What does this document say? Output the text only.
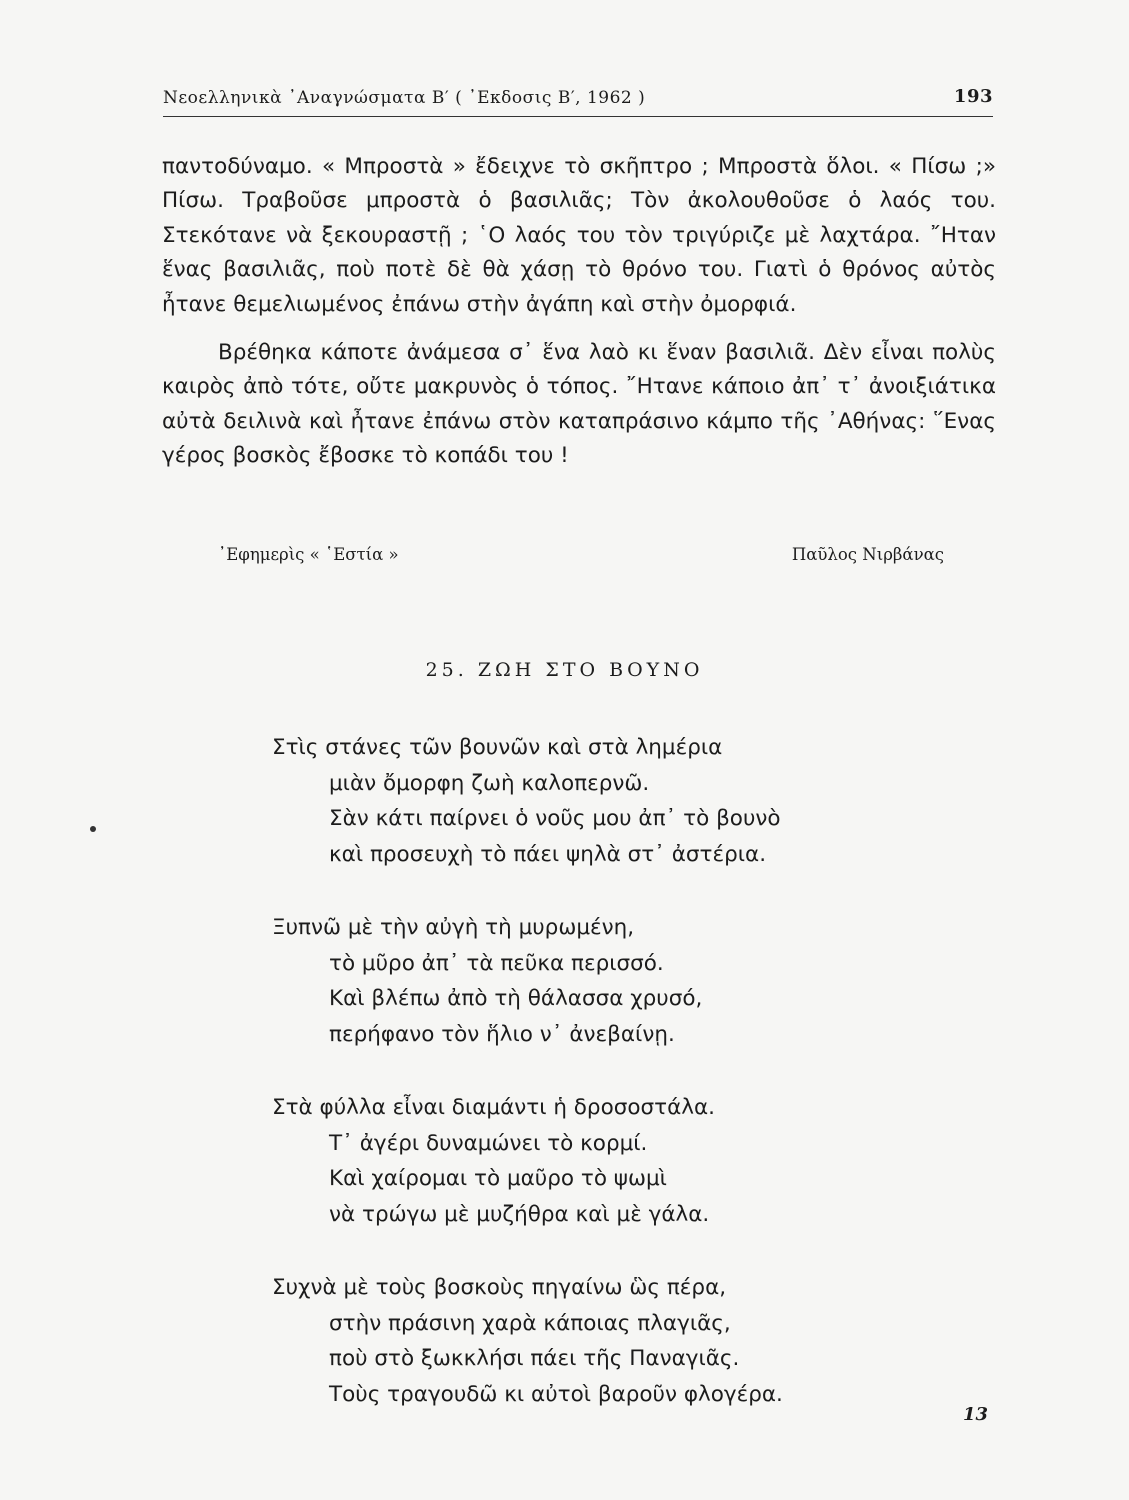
Νεοελληνικὰ ᾿Αναγνώσματα Β′ ( ᾿Εκδοσις Β′, 1962 )	193

παντοδύναμο. « Μπροστὰ » ἔδειχνε τὸ σκῆπτρο ; Μπροστὰ ὅλοι. « Πίσω ;» Πίσω. Τραβοῦσε μπροστὰ ὁ βασιλιᾶς; Τὸν ἀκολουθοῦσε ὁ λαός του. Στεκότανε νὰ ξεκουραστῇ ; ῾Ο λαός του τὸν τριγύριζε μὲ λαχτάρα. ῎Ηταν ἕνας βασιλιᾶς, ποὺ ποτὲ δὲ θὰ χάσῃ τὸ θρόνο του. Γιατὶ ὁ θρόνος αὐτὸς ἦτανε θεμελιωμένος ἐπάνω στὴν ἀγάπη καὶ στὴν ὀμορφιά.

Βρέθηκα κάποτε ἀνάμεσα σ᾿ ἕνα λαὸ κι ἕναν βασιλιᾶ. Δὲν εἶναι πολὺς καιρὸς ἀπὸ τότε, οὔτε μακρυνὸς ὁ τόπος. ῎Ητανε κάποιο ἀπ᾿ τ᾿ ἀνοιξιάτικα αὐτὰ δειλινὰ καὶ ἦτανε ἐπάνω στὸν καταπράσινο κάμπο τῆς ᾿Αθήνας: ῞Ενας γέρος βοσκὸς ἔβοσκε τὸ κοπάδι του !

᾿Εφημερὶς « ῾Εστία »	Παῦλος Νιρβάνας
25. ΖΩΗ ΣΤΟ ΒΟΥΝΟ
Στὶς στάνες τῶν βουνῶν καὶ στὰ λημέρια
μιὰν ὄμορφη ζωὴ καλοπερνῶ.
Σὰν κάτι παίρνει ὁ νοῦς μου ἀπ᾿ τὸ βουνὸ
καὶ προσευχὴ τὸ πάει ψηλὰ στ᾿ ἀστέρια.
Ξυπνῶ μὲ τὴν αὐγὴ τὴ μυρωμένη,
τὸ μῦρο ἀπ᾿ τὰ πεῦκα περισσό.
Καὶ βλέπω ἀπὸ τὴ θάλασσα χρυσό,
περήφανο τὸν ἥλιο ν᾿ ἀνεβαίνῃ.
Στὰ φύλλα εἶναι διαμάντι ἡ δροσοστάλα.
Τ᾿ ἀγέρι δυναμώνει τὸ κορμί.
Καὶ χαίρομαι τὸ μαῦρο τὸ ψωμὶ
νὰ τρώγω μὲ μυζήθρα καὶ μὲ γάλα.
Συχνὰ μὲ τοὺς βοσκοὺς πηγαίνω ὣς πέρα,
στὴν πράσινη χαρὰ κάποιας πλαγιᾶς,
ποὺ στὸ ξωκκλήσι πάει τῆς Παναγιᾶς.
Τοὺς τραγουδῶ κι αὐτοὶ βαροῦν φλογέρα.
13
